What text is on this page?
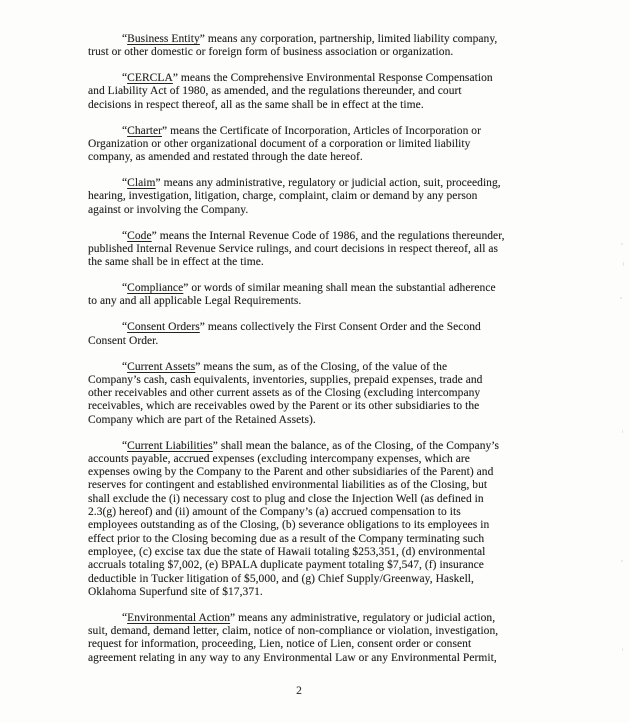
“Business Entity” means any corporation, partnership, limited liability company,
trust or other domestic or foreign form of business association or organization.
“CERCLA” means the Comprehensive Environmental Response Compensation
and Liability Act of 1980, as amended, and the regulations thereunder, and court
decisions in respect thereof, all as the same shall be in effect at the time.
“Charter” means the Certificate of Incorporation, Articles of Incorporation or
Organization or other organizational document of a corporation or limited liability
company, as amended and restated through the date hereof.
“Claim” means any administrative, regulatory or judicial action, suit, proceeding,
hearing, investigation, litigation, charge, complaint, claim or demand by any person
against or involving the Company.
“Code” means the Internal Revenue Code of 1986, and the regulations thereunder,
published Internal Revenue Service rulings, and court decisions in respect thereof, all as
the same shall be in effect at the time.
“Compliance” or words of similar meaning shall mean the substantial adherence
to any and all applicable Legal Requirements.
“Consent Orders” means collectively the First Consent Order and the Second
Consent Order.
“Current Assets” means the sum, as of the Closing, of the value of the
Company’s cash, cash equivalents, inventories, supplies, prepaid expenses, trade and
other receivables and other current assets as of the Closing (excluding intercompany
receivables, which are receivables owed by the Parent or its other subsidiaries to the
Company which are part of the Retained Assets).
“Current Liabilities” shall mean the balance, as of the Closing, of the Company’s
accounts payable, accrued expenses (excluding intercompany expenses, which are
expenses owing by the Company to the Parent and other subsidiaries of the Parent) and
reserves for contingent and established environmental liabilities as of the Closing, but
shall exclude the (i) necessary cost to plug and close the Injection Well (as defined in
2.3(g) hereof) and (ii) amount of the Company’s (a) accrued compensation to its
employees outstanding as of the Closing, (b) severance obligations to its employees in
effect prior to the Closing becoming due as a result of the Company terminating such
employee, (c) excise tax due the state of Hawaii totaling $253,351, (d) environmental
accruals totaling $7,002, (e) BPALA duplicate payment totaling $7,547, (f) insurance
deductible in Tucker litigation of $5,000, and (g) Chief Supply/Greenway, Haskell,
Oklahoma Superfund site of $17,371.
“Environmental Action” means any administrative, regulatory or judicial action,
suit, demand, demand letter, claim, notice of non-compliance or violation, investigation,
request for information, proceeding, Lien, notice of Lien, consent order or consent
agreement relating in any way to any Environmental Law or any Environmental Permit,
2
